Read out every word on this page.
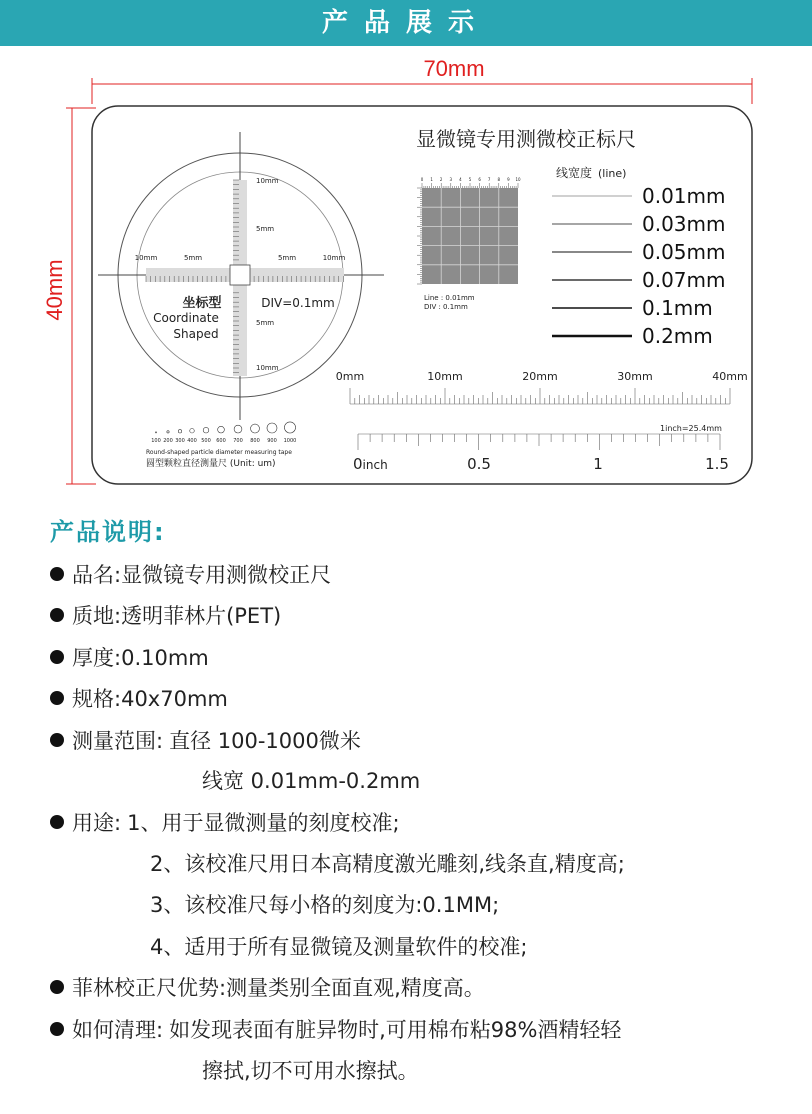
产品展示
70mm
40mm
显微镜专用测微校正标尺
10mm	5mm	5mm	10mm
10mm
5mm
5mm
10mm
坐标型
Coordinate
Shaped
DIV=0.1mm
0 1 2 3 4 5 6 7 8 9 10
Line : 0.01mm
DIV : 0.1mm
线宽度 (line)
0.01mm
0.03mm
0.05mm
0.07mm
0.1mm
0.2mm
0mm	10mm	20mm	30mm	40mm
0.5	1	1.5
1inch=25.4mm
0inch
100 200 300 400 500 600 700 800 900 1000
Round-shaped particle diameter measuring tape
圆型颗粒直径测量尺 (Unit: um)
产品说明:
品名:显微镜专用测微校正尺
质地:透明菲林片(PET)
厚度:0.10mm
规格:40x70mm
测量范围: 直径 100-1000微米
线宽 0.01mm-0.2mm
用途: 1、用于显微测量的刻度校准;
2、该校准尺用日本高精度激光雕刻,线条直,精度高;
3、该校准尺每小格的刻度为:0.1MM;
4、适用于所有显微镜及测量软件的校准;
菲林校正尺优势:测量类别全面直观,精度高。
如何清理: 如发现表面有脏异物时,可用棉布粘98%酒精轻轻
擦拭,切不可用水擦拭。
